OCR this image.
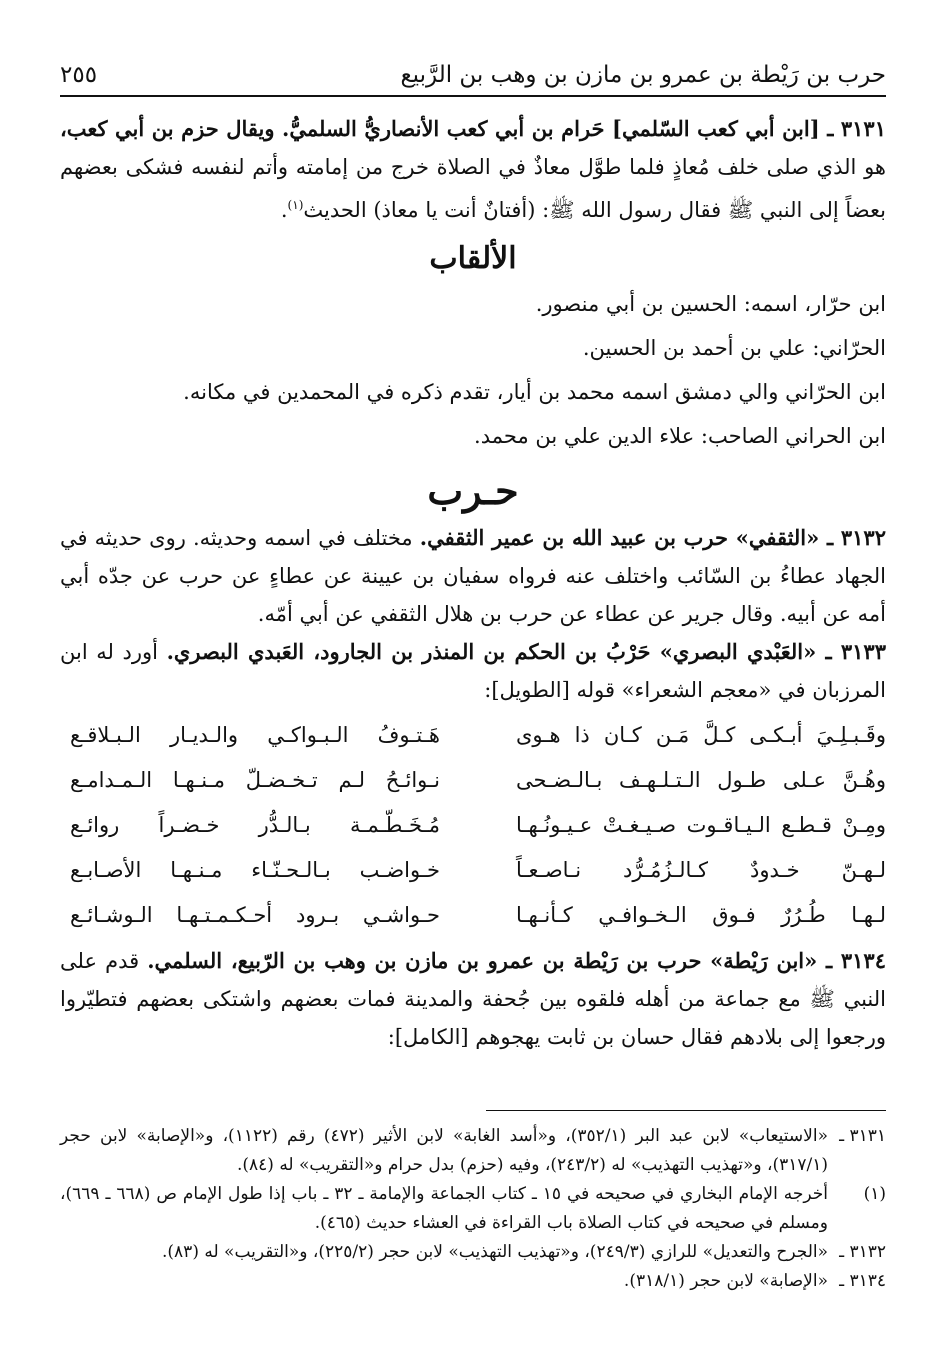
حرب بن رَيْطة بن عمرو بن مازن بن وهب بن الرَّبيع
٢٥٥

٣١٣١ ـ [ابن أبي كعب السّلمي] حَرام بن أبي كعب الأنصاريُّ السلميُّ. ويقال حزم بن أبي كعب، هو الذي صلى خلف مُعاذٍ فلما طوَّل معاذٌ في الصلاة خرج من إمامته وأتم لنفسه فشكى بعضهم بعضاً إلى النبي ﷺ فقال رسول الله ﷺ: (أفتانٌ أنت يا معاذ) الحديث$^{(١)}$.

الألقاب
ابن حرّار، اسمه: الحسين بن أبي منصور.
الحرّاني: علي بن أحمد بن الحسين.
ابن الحرّاني والي دمشق اسمه محمد بن أيار، تقدم ذكره في المحمدين في مكانه.
ابن الحراني الصاحب: علاء الدين علي بن محمد.
حـرب

٣١٣٢ ـ «الثقفي» حرب بن عبيد الله بن عمير الثقفي. مختلف في اسمه وحديثه. روى حديثه في الجهاد عطاءُ بن السّائب واختلف عنه فرواه سفيان بن عيينة عن عطاءٍ عن حرب عن جدّه أبي أمه عن أبيه. وقال جرير عن عطاء عن حرب بن هلال الثقفي عن أبي أمّه.

٣١٣٣ ـ «العَبْدي البصري» حَرْبُ بن الحكم بن المنذر بن الجارود، العَبدي البصري. أورد له ابن المرزبان في «معجم الشعراء» قوله [الطويل]:

وقَـبـلِـيَ أبـكـى كـلَّ مَـن كـان ذا هـوى
هَـتـوفُ الـبـواكـي والـديـار الـبـلاقـع
وهُـنَّ عـلى طـول الـتـلـهـف بـالـضـحى
نـوائـحُ لـم تـخـضـلّ مـنـهـا الـمـدامـع
ومِـنْ قـطـع الـيـاقـوت صـيـغـتْ عـيـونُـهـا
مُـخَـطّـمـة بـالـدُّر خـضـراً روائـع
لـهـنّ خـدودٌ كـالـزُمُـرُّد نـاصـعـاً
خـواضـب بـالـحـنّـاء مـنـهـا الأصـابـع
لـهـا طُـرُرٌ فـوق الـخـوافـي كـأنـهـا
حـواشـي بـرود أحـكـمـتـهـا الـوشـائـع

٣١٣٤ ـ «ابن رَيْطة» حرب بن رَيْطة بن عمرو بن مازن بن وهب بن الرّبيع، السلمي. قدم على النبي ﷺ مع جماعة من أهله فلقوه بين جُحفة والمدينة فمات بعضهم واشتكى بعضهم فتطيّروا ورجعوا إلى بلادهم فقال حسان بن ثابت يهجوهم [الكامل]:

٣١٣١ ـ
«الاستيعاب» لابن عبد البر (٣٥٢/١)، و«أسد الغابة» لابن الأثير (٤٧٢) رقم (١١٢٢)، و«الإصابة» لابن حجر (٣١٧/١)، و«تهذيب التهذيب» له (٢٤٣/٢)، وفيه (حزم) بدل حرام و«التقريب» له (٨٤).
(١)
أخرجه الإمام البخاري في صحيحه في ١٥ ـ كتاب الجماعة والإمامة ـ ٣٢ ـ باب إذا طول الإمام ص (٦٦٨ ـ ٦٦٩)، ومسلم في صحيحه في كتاب الصلاة باب القراءة في العشاء حديث (٤٦٥).
٣١٣٢ ـ
«الجرح والتعديل» للرازي (٢٤٩/٣)، و«تهذيب التهذيب» لابن حجر (٢٢٥/٢)، و«التقريب» له (٨٣).
٣١٣٤ ـ
«الإصابة» لابن حجر (٣١٨/١).
